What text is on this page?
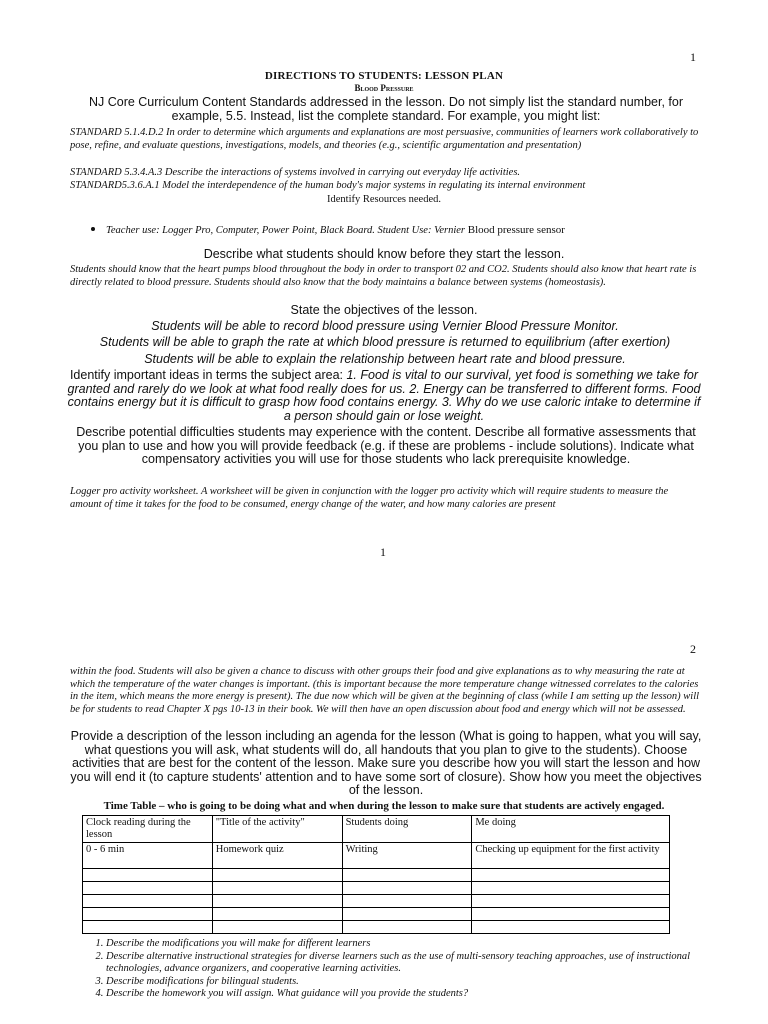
1
DIRECTIONS TO STUDENTS: LESSON PLAN
Blood Pressure
NJ Core Curriculum Content Standards addressed in the lesson. Do not simply list the standard number, for example, 5.5. Instead, list the complete standard. For example, you might list:
STANDARD 5.1.4.D.2 In order to determine which arguments and explanations are most persuasive, communities of learners work collaboratively to pose, refine, and evaluate questions, investigations, models, and theories (e.g., scientific argumentation and presentation)
STANDARD 5.3.4.A.3 Describe the interactions of systems involved in carrying out everyday life activities.
STANDARD5.3.6.A.1 Model the interdependence of the human body's major systems in regulating its internal environment
Identify Resources needed.
• Teacher use: Logger Pro, Computer, Power Point, Black Board. Student Use: Vernier Blood pressure sensor
Describe what students should know before they start the lesson.
Students should know that the heart pumps blood throughout the body in order to transport 02 and CO2. Students should also know that heart rate is directly related to blood pressure. Students should also know that the body maintains a balance between systems (homeostasis).
State the objectives of the lesson.
Students will be able to record blood pressure using Vernier Blood Pressure Monitor.
Students will be able to graph the rate at which blood pressure is returned to equilibrium (after exertion)
Students will be able to explain the relationship between heart rate and blood pressure.
Identify important ideas in terms the subject area: 1. Food is vital to our survival, yet food is something we take for granted and rarely do we look at what food really does for us. 2. Energy can be transferred to different forms. Food contains energy but it is difficult to grasp how food contains energy. 3. Why do we use caloric intake to determine if a person should gain or lose weight.
Describe potential difficulties students may experience with the content. Describe all formative assessments that you plan to use and how you will provide feedback (e.g. if these are problems - include solutions). Indicate what compensatory activities you will use for those students who lack prerequisite knowledge.
Logger pro activity worksheet. A worksheet will be given in conjunction with the logger pro activity which will require students to measure the amount of time it takes for the food to be consumed, energy change of the water, and how many calories are present
1
2
within the food. Students will also be given a chance to discuss with other groups their food and give explanations as to why measuring the rate at which the temperature of the water changes is important. (this is important because the more temperature change witnessed correlates to the calories in the item, which means the more energy is present). The due now which will be given at the beginning of class (while I am setting up the lesson) will be for students to read Chapter X pgs 10-13 in their book. We will then have an open discussion about food and energy which will not be assessed.
Provide a description of the lesson including an agenda for the lesson (What is going to happen, what you will say, what questions you will ask, what students will do, all handouts that you plan to give to the students). Choose activities that are best for the content of the lesson. Make sure you describe how you will start the lesson and how you will end it (to capture students' attention and to have some sort of closure). Show how you meet the objectives of the lesson.
Time Table – who is going to be doing what and when during the lesson to make sure that students are actively engaged.
Clock reading during the lesson	"Title of the activity"	Students doing	Me doing
0 - 6 min	Homework quiz	Writing	Checking up equipment for the first activity

1. Describe the modifications you will make for different learners
2. Describe alternative instructional strategies for diverse learners such as the use of multi-sensory teaching approaches, use of instructional technologies, advance organizers, and cooperative learning activities.
3. Describe modifications for bilingual students.
4. Describe the homework you will assign. What guidance will you provide the students?
